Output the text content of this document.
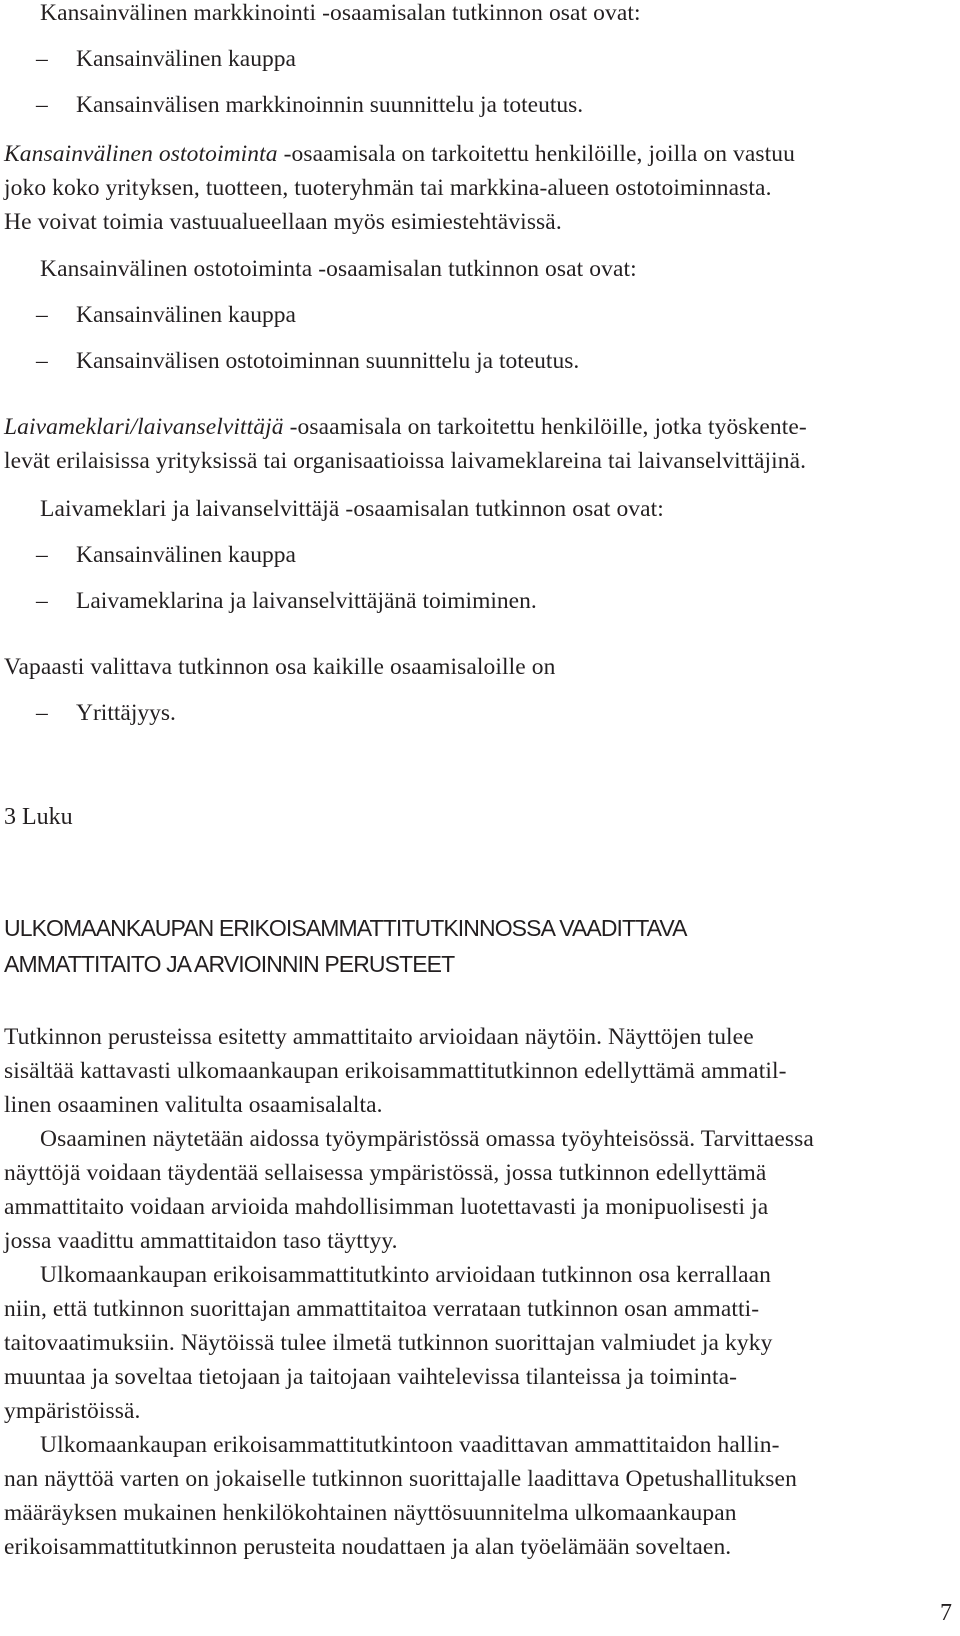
Kansainvälinen markkinointi -osaamisalan tutkinnon osat ovat:

– Kansainvälinen kauppa
– Kansainvälisen markkinoinnin suunnittelu ja toteutus.
Kansainvälinen ostotoiminta -osaamisala on tarkoitettu henkilöille, joilla on vastuu
joko koko yrityksen, tuotteen, tuoteryhmän tai markkina-alueen ostotoiminnasta.
He voivat toimia vastuualueellaan myös esimiestehtävissä.

Kansainvälinen ostotoiminta -osaamisalan tutkinnon osat ovat:

– Kansainvälinen kauppa
– Kansainvälisen ostotoiminnan suunnittelu ja toteutus.
Laivameklari/laivanselvittäjä -osaamisala on tarkoitettu henkilöille, jotka työskente-
levät erilaisissa yrityksissä tai organisaatioissa laivameklareina tai laivanselvittäjinä.

Laivameklari ja laivanselvittäjä -osaamisalan tutkinnon osat ovat:

– Kansainvälinen kauppa
– Laivameklarina ja laivanselvittäjänä toimiminen.

Vapaasti valittava tutkinnon osa kaikille osaamisaloille on

– Yrittäjyys.

3 Luku

ULKOMAANKAUPAN ERIKOISAMMATTITUTKINNOSSA VAADITTAVA
AMMATTITAITO JA ARVIOINNIN PERUSTEET
Tutkinnon perusteissa esitetty ammattitaito arvioidaan näytöin. Näyttöjen tulee
sisältää kattavasti ulkomaankaupan erikoisammattitutkinnon edellyttämä ammatil-
linen osaaminen valitulta osaamisalalta.
Osaaminen näytetään aidossa työympäristössä omassa työyhteisössä. Tarvittaessa
näyttöjä voidaan täydentää sellaisessa ympäristössä, jossa tutkinnon edellyttämä
ammattitaito voidaan arvioida mahdollisimman luotettavasti ja monipuolisesti ja
jossa vaadittu ammattitaidon taso täyttyy.
Ulkomaankaupan erikoisammattitutkinto arvioidaan tutkinnon osa kerrallaan
niin, että tutkinnon suorittajan ammattitaitoa verrataan tutkinnon osan ammatti-
taitovaatimuksiin. Näytöissä tulee ilmetä tutkinnon suorittajan valmiudet ja kyky
muuntaa ja soveltaa tietojaan ja taitojaan vaihtelevissa tilanteissa ja toiminta-
ympäristöissä.
Ulkomaankaupan erikoisammattitutkintoon vaadittavan ammattitaidon hallin-
nan näyttöä varten on jokaiselle tutkinnon suorittajalle laadittava Opetushallituksen
määräyksen mukainen henkilökohtainen näyttösuunnitelma ulkomaankaupan
erikoisammattitutkinnon perusteita noudattaen ja alan työelämään soveltaen.
7
